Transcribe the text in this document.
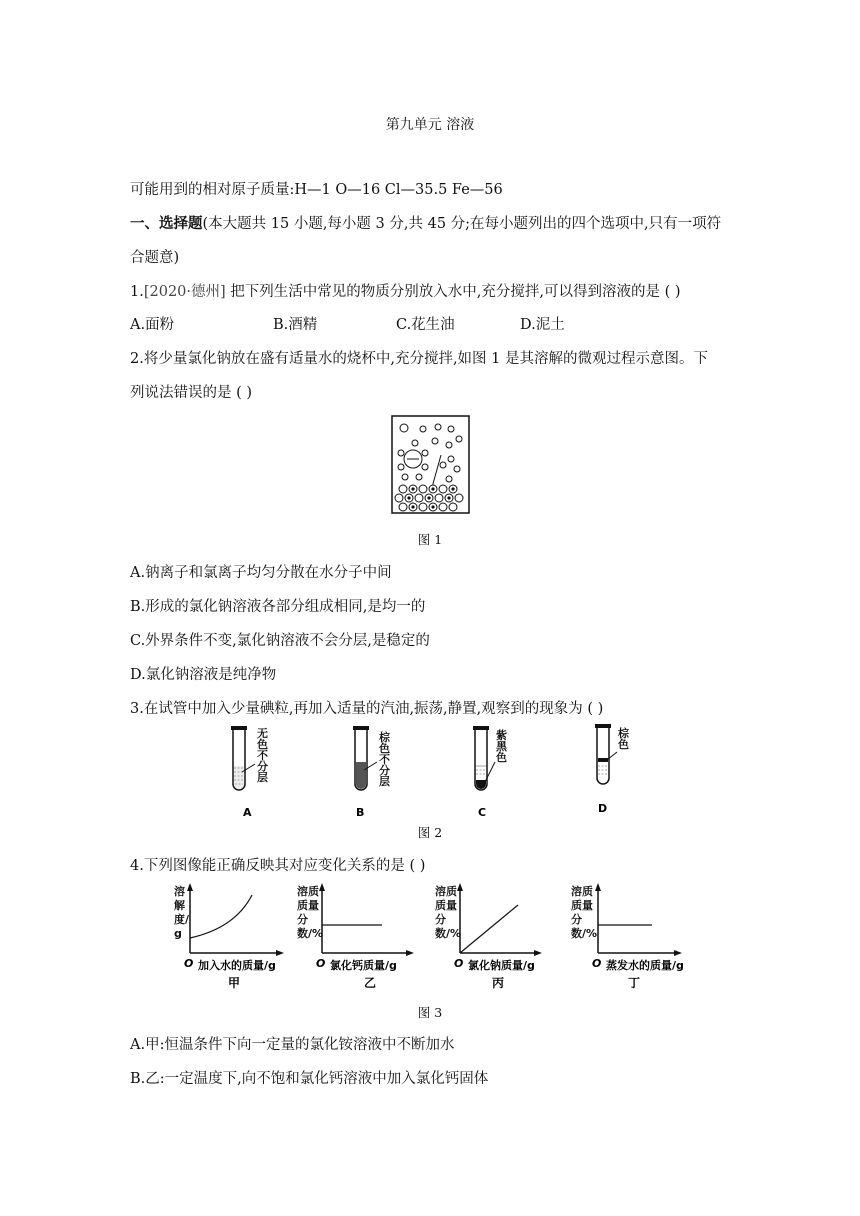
第九单元 溶液
可能用到的相对原子质量:H—1 O—16 Cl—35.5 Fe—56
一、选择题(本大题共 15 小题,每小题 3 分,共 45 分;在每小题列出的四个选项中,只有一项符
合题意)
1.[2020·德州] 把下列生活中常见的物质分别放入水中,充分搅拌,可以得到溶液的是 ( )
A.面粉	B.酒精	C.花生油	D.泥土
2.将少量氯化钠放在盛有适量水的烧杯中,充分搅拌,如图 1 是其溶解的微观过程示意图。下
列说法错误的是 ( )
图 1
A.钠离子和氯离子均匀分散在水分子中间
B.形成的氯化钠溶液各部分组成相同,是均一的
C.外界条件不变,氯化钠溶液不会分层,是稳定的
D.氯化钠溶液是纯净物
3.在试管中加入少量碘粒,再加入适量的汽油,振荡,静置,观察到的现象为 ( )
A	B	C	D
无色不分层
棕色不分层
紫黑色
棕色
图 2
4.下列图像能正确反映其对应变化关系的是 ( )
O 加入水的质量/g	O 氯化钙质量/g	O 氯化钠质量/g	O 蒸发水的质量/g
甲	乙	丙	丁
溶解度/g
溶质质量分数/%
溶质质量分数/%
溶质质量分数/%
图 3
A.甲:恒温条件下向一定量的氯化铵溶液中不断加水
B.乙:一定温度下,向不饱和氯化钙溶液中加入氯化钙固体
